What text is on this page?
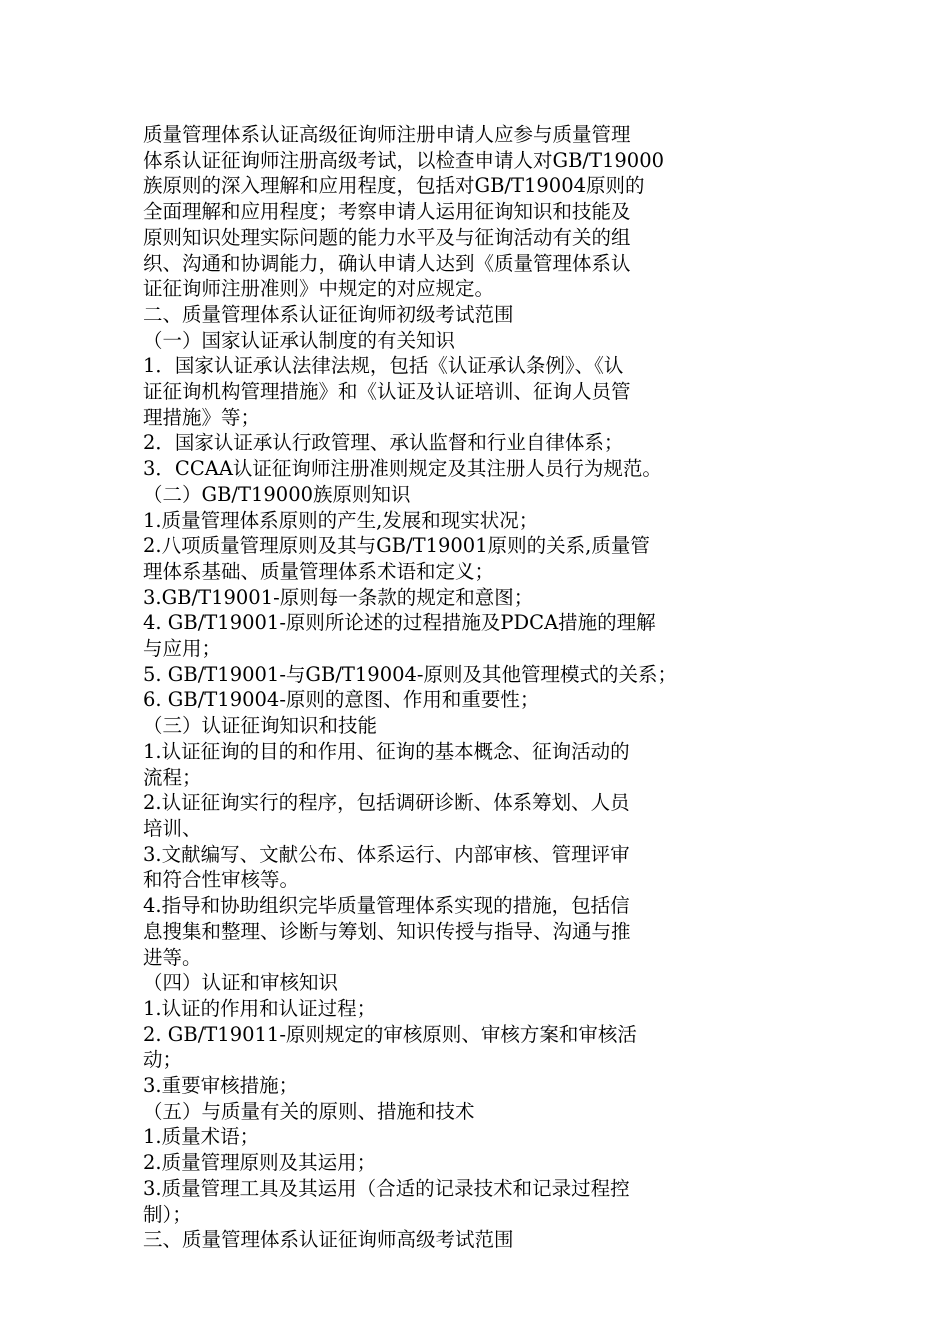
质量管理体系认证高级征询师注册申请人应参与质量管理
体系认证征询师注册高级考试，以检查申请人对GB/T19000
族原则的深入理解和应用程度，包括对GB/T19004原则的
全面理解和应用程度；考察申请人运用征询知识和技能及
原则知识处理实际问题的能力水平及与征询活动有关的组
织、沟通和协调能力，确认申请人达到《质量管理体系认
证征询师注册准则》中规定的对应规定。
二、质量管理体系认证征询师初级考试范围
（一）国家认证承认制度的有关知识
1．国家认证承认法律法规，包括《认证承认条例》、《认
证征询机构管理措施》和《认证及认证培训、征询人员管
理措施》等；
2．国家认证承认行政管理、承认监督和行业自律体系；
3．CCAA认证征询师注册准则规定及其注册人员行为规范。
（二）GB/T19000族原则知识
1.质量管理体系原则的产生,发展和现实状况；
2.八项质量管理原则及其与GB/T19001原则的关系,质量管
理体系基础、质量管理体系术语和定义；
3.GB/T19001-原则每一条款的规定和意图；
4. GB/T19001-原则所论述的过程措施及PDCA措施的理解
与应用；
5. GB/T19001-与GB/T19004-原则及其他管理模式的关系；
6. GB/T19004-原则的意图、作用和重要性；
（三）认证征询知识和技能
1.认证征询的目的和作用、征询的基本概念、征询活动的
流程；
2.认证征询实行的程序，包括调研诊断、体系筹划、人员
培训、
3.文献编写、文献公布、体系运行、内部审核、管理评审
和符合性审核等。
4.指导和协助组织完毕质量管理体系实现的措施，包括信
息搜集和整理、诊断与筹划、知识传授与指导、沟通与推
进等。
（四）认证和审核知识
1.认证的作用和认证过程；
2. GB/T19011-原则规定的审核原则、审核方案和审核活
动；
3.重要审核措施；
（五）与质量有关的原则、措施和技术
1.质量术语；
2.质量管理原则及其运用；
3.质量管理工具及其运用（合适的记录技术和记录过程控
制）；
三、质量管理体系认证征询师高级考试范围
